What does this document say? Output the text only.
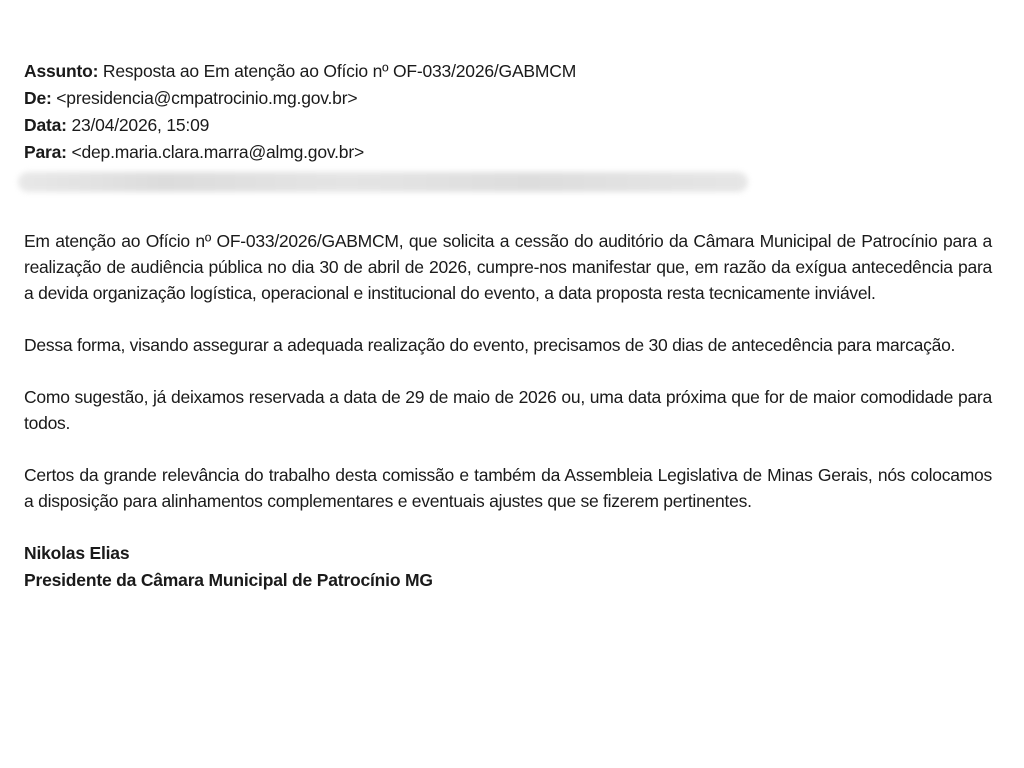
Assunto: Resposta ao Em atenção ao Ofício nº OF-033/2026/GABMCM
De: <presidencia@cmpatrocinio.mg.gov.br>
Data: 23/04/2026, 15:09
Para: <dep.maria.clara.marra@almg.gov.br>

Em atenção ao Ofício nº OF-033/2026/GABMCM, que solicita a cessão do auditório da Câmara Municipal de Patrocínio para a realização de audiência pública no dia 30 de abril de 2026, cumpre-nos manifestar que, em razão da exígua antecedência para a devida organização logística, operacional e institucional do evento, a data proposta resta tecnicamente inviável.

Dessa forma, visando assegurar a adequada realização do evento, precisamos de 30 dias de antecedência para marcação.

Como sugestão, já deixamos reservada a data de 29 de maio de 2026 ou, uma data próxima que for de maior comodidade para todos.

Certos da grande relevância do trabalho desta comissão e também da Assembleia Legislativa de Minas Gerais, nós colocamos a disposição para alinhamentos complementares e eventuais ajustes que se fizerem pertinentes.

Nikolas Elias
Presidente da Câmara Municipal de Patrocínio MG
